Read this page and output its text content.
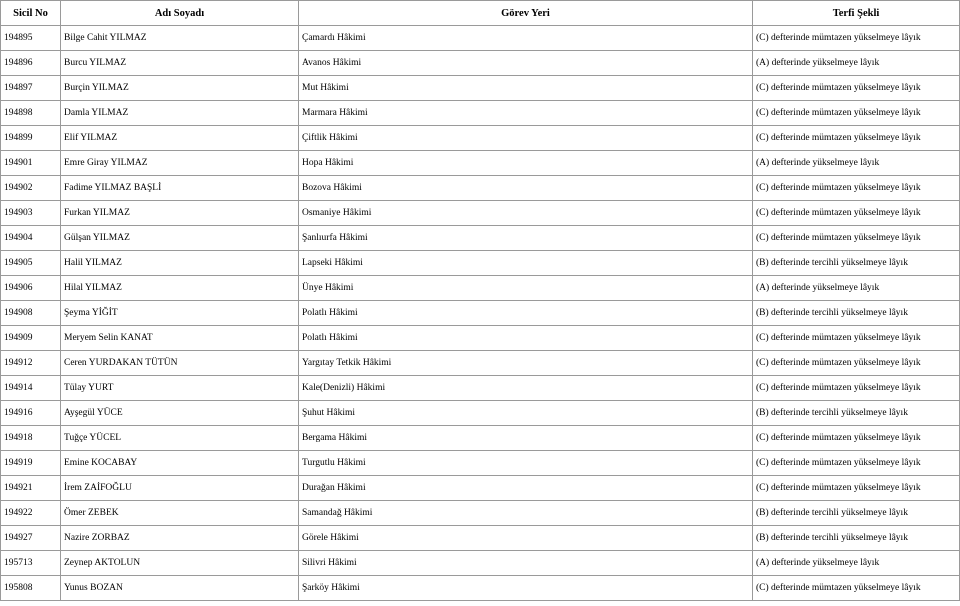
Sicil No	Adı Soyadı	Görev Yeri	Terfi Şekli
194895	Bilge Cahit YILMAZ	Çamardı Hâkimi	(C) defterinde mümtazen yükselmeye lâyık
194896	Burcu YILMAZ	Avanos Hâkimi	(A) defterinde yükselmeye lâyık
194897	Burçin YILMAZ	Mut Hâkimi	(C) defterinde mümtazen yükselmeye lâyık
194898	Damla YILMAZ	Marmara Hâkimi	(C) defterinde mümtazen yükselmeye lâyık
194899	Elif YILMAZ	Çiftlik Hâkimi	(C) defterinde mümtazen yükselmeye lâyık
194901	Emre Giray YILMAZ	Hopa Hâkimi	(A) defterinde yükselmeye lâyık
194902	Fadime YILMAZ BAŞLİ	Bozova Hâkimi	(C) defterinde mümtazen yükselmeye lâyık
194903	Furkan YILMAZ	Osmaniye Hâkimi	(C) defterinde mümtazen yükselmeye lâyık
194904	Gülşan YILMAZ	Şanlıurfa Hâkimi	(C) defterinde mümtazen yükselmeye lâyık
194905	Halil YILMAZ	Lapseki Hâkimi	(B) defterinde tercihli yükselmeye lâyık
194906	Hilal YILMAZ	Ünye Hâkimi	(A) defterinde yükselmeye lâyık
194908	Şeyma YİĞİT	Polatlı Hâkimi	(B) defterinde tercihli yükselmeye lâyık
194909	Meryem Selin KANAT	Polatlı Hâkimi	(C) defterinde mümtazen yükselmeye lâyık
194912	Ceren YURDAKAN TÜTÜN	Yargıtay Tetkik Hâkimi	(C) defterinde mümtazen yükselmeye lâyık
194914	Tülay YURT	Kale(Denizli) Hâkimi	(C) defterinde mümtazen yükselmeye lâyık
194916	Ayşegül YÜCE	Şuhut Hâkimi	(B) defterinde tercihli yükselmeye lâyık
194918	Tuğçe YÜCEL	Bergama Hâkimi	(C) defterinde mümtazen yükselmeye lâyık
194919	Emine KOCABAY	Turgutlu Hâkimi	(C) defterinde mümtazen yükselmeye lâyık
194921	İrem ZAİFOĞLU	Durağan Hâkimi	(C) defterinde mümtazen yükselmeye lâyık
194922	Ömer ZEBEK	Samandağ Hâkimi	(B) defterinde tercihli yükselmeye lâyık
194927	Nazire ZORBAZ	Görele Hâkimi	(B) defterinde tercihli yükselmeye lâyık
195713	Zeynep AKTOLUN	Silivri Hâkimi	(A) defterinde yükselmeye lâyık
195808	Yunus BOZAN	Şarköy Hâkimi	(C) defterinde mümtazen yükselmeye lâyık
